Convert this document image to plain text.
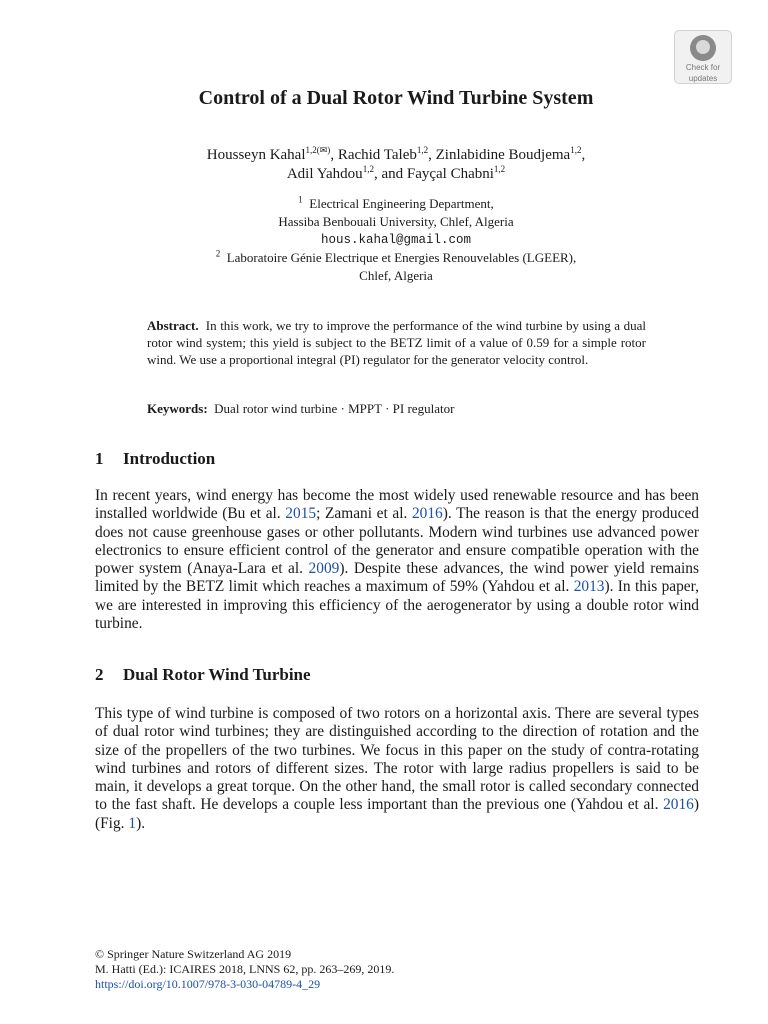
Check for
updates
Control of a Dual Rotor Wind Turbine System
Housseyn Kahal$^{1,2(✉)}$, Rachid Taleb$^{1,2}$, Zinlabidine Boudjema$^{1,2}$,
Adil Yahdou$^{1,2}$, and Fayçal Chabni$^{1,2}$
$^1$ Electrical Engineering Department,
Hassiba Benbouali University, Chlef, Algeria
hous.kahal@gmail.com
$^2$ Laboratoire Génie Electrique et Energies Renouvelables (LGEER),
Chlef, Algeria
Abstract. In this work, we try to improve the performance of the wind turbine by using a dual rotor wind system; this yield is subject to the BETZ limit of a value of 0.59 for a simple rotor wind. We use a proportional integral (PI) regulator for the generator velocity control.
Keywords: Dual rotor wind turbine · MPPT · PI regulator
1 Introduction
In recent years, wind energy has become the most widely used renewable resource and has been installed worldwide (Bu et al. 2015; Zamani et al. 2016). The reason is that the energy produced does not cause greenhouse gases or other pollutants. Modern wind turbines use advanced power electronics to ensure efficient control of the generator and ensure compatible operation with the power system (Anaya-Lara et al. 2009). Despite these advances, the wind power yield remains limited by the BETZ limit which reaches a maximum of 59% (Yahdou et al. 2013). In this paper, we are interested in improving this efficiency of the aerogenerator by using a double rotor wind turbine.
2 Dual Rotor Wind Turbine
This type of wind turbine is composed of two rotors on a horizontal axis. There are several types of dual rotor wind turbines; they are distinguished according to the direction of rotation and the size of the propellers of the two turbines. We focus in this paper on the study of contra-rotating wind turbines and rotors of different sizes. The rotor with large radius propellers is said to be main, it develops a great torque. On the other hand, the small rotor is called secondary connected to the fast shaft. He develops a couple less important than the previous one (Yahdou et al. 2016) (Fig. 1).
© Springer Nature Switzerland AG 2019
M. Hatti (Ed.): ICAIRES 2018, LNNS 62, pp. 263–269, 2019.
https://doi.org/10.1007/978-3-030-04789-4_29
